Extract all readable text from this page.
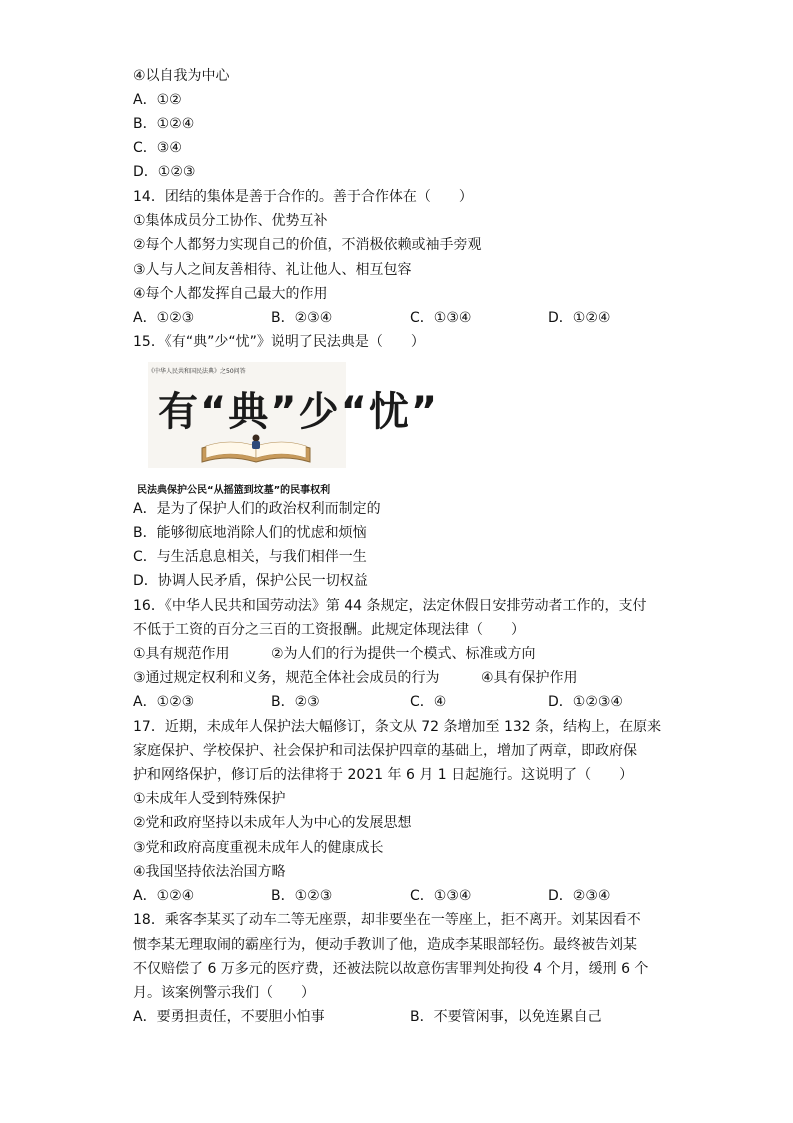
④以自我为中心
A．①②
B．①②④
C．③④
D．①②③
14．团结的集体是善于合作的。善于合作体在（　　）
①集体成员分工协作、优势互补
②每个人都努力实现自己的价值，不消极依赖或袖手旁观
③人与人之间友善相待、礼让他人、相互包容
④每个人都发挥自己最大的作用
A．①②③	B．②③④	C．①③④	D．①②④
15．《有“典”少“忧”》说明了民法典是（　　）
《中华人民共和国民法典》之50问答
有“典”少“忧”
民法典保护公民“从摇篮到坟墓”的民事权利
A．是为了保护人们的政治权利而制定的
B．能够彻底地消除人们的忧虑和烦恼
C．与生活息息相关，与我们相伴一生
D．协调人民矛盾，保护公民一切权益
16．《中华人民共和国劳动法》第 44 条规定，法定休假日安排劳动者工作的，支付
不低于工资的百分之三百的工资报酬。此规定体现法律（　　）
①具有规范作用	②为人们的行为提供一个模式、标准或方向
③通过规定权利和义务，规范全体社会成员的行为	④具有保护作用
A．①②③	B．②③	C．④	D．①②③④
17．近期，未成年人保护法大幅修订，条文从 72 条增加至 132 条，结构上，在原来
家庭保护、学校保护、社会保护和司法保护四章的基础上，增加了两章，即政府保
护和网络保护，修订后的法律将于 2021 年 6 月 1 日起施行。这说明了（　　）
①未成年人受到特殊保护
②党和政府坚持以未成年人为中心的发展思想
③党和政府高度重视未成年人的健康成长
④我国坚持依法治国方略
A．①②④	B．①②③	C．①③④	D．②③④
18．乘客李某买了动车二等无座票，却非要坐在一等座上，拒不离开。刘某因看不
惯李某无理取闹的霸座行为，便动手教训了他，造成李某眼部轻伤。最终被告刘某
不仅赔偿了 6 万多元的医疗费，还被法院以故意伤害罪判处拘役 4 个月，缓刑 6 个
月。该案例警示我们（　　）
A．要勇担责任，不要胆小怕事	B．不要管闲事，以免连累自己
